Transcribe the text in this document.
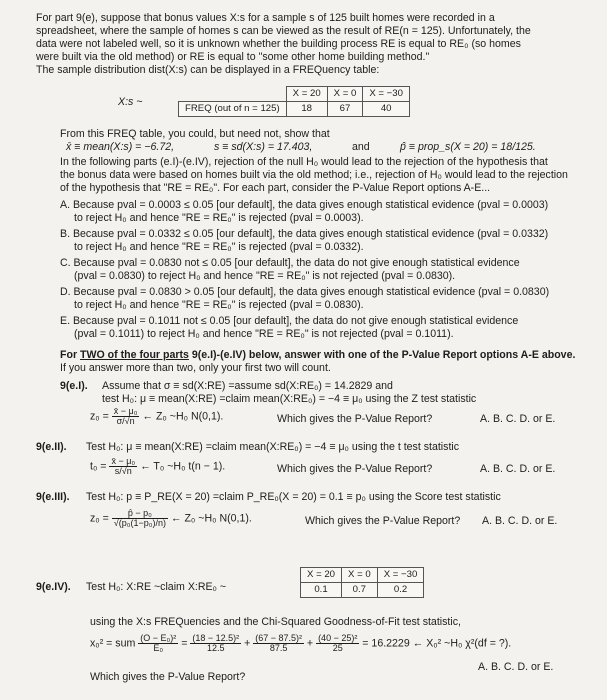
For part 9(e), suppose that bonus values X:s for a sample s of 125 built homes were recorded in a
spreadsheet, where the sample of homes s can be viewed as the result of RE(n = 125). Unfortunately, the
data were not labeled well, so it is unknown whether the building process RE is equal to RE₀ (so homes
were built via the old method) or RE is equal to "some other home building method."
The sample distribution dist(X:s) can be displayed in a FREQuency table:
X:s ~
	X = 20	X = 0	X = −30
FREQ (out of n = 125)	18	67	40
From this FREQ table, you could, but need not, show that
x̄ ≡ mean(X:s) = −6.72,	s ≡ sd(X:s) = 17.403,	and	p̂ ≡ prop_s(X = 20) = 18/125.
In the following parts (e.I)-(e.IV), rejection of the null H₀ would lead to the rejection of the hypothesis that
the bonus data were based on homes built via the old method; i.e., rejection of H₀ would lead to the rejection
of the hypothesis that "RE = RE₀". For each part, consider the P-Value Report options A-E...
A. Because pval = 0.0003 ≤ 0.05 [our default], the data gives enough statistical evidence (pval = 0.0003)
to reject H₀ and hence "RE = RE₀" is rejected (pval = 0.0003).
B. Because pval = 0.0332 ≤ 0.05 [our default], the data gives enough statistical evidence (pval = 0.0332)
to reject H₀ and hence "RE = RE₀" is rejected (pval = 0.0332).
C. Because pval = 0.0830 not ≤ 0.05 [our default], the data do not give enough statistical evidence
(pval = 0.0830) to reject H₀ and hence "RE = RE₀" is not rejected (pval = 0.0830).
D. Because pval = 0.0830 > 0.05 [our default], the data gives enough statistical evidence (pval = 0.0830)
to reject H₀ and hence "RE = RE₀" is rejected (pval = 0.0830).
E. Because pval = 0.1011 not ≤ 0.05 [our default], the data do not give enough statistical evidence
(pval = 0.1011) to reject H₀ and hence "RE = RE₀" is not rejected (pval = 0.1011).
For TWO of the four parts 9(e.I)-(e.IV) below, answer with one of the P-Value Report options A-E above.
If you answer more than two, only your first two will count.
9(e.I). Assume that σ ≡ sd(X:RE) =assume sd(X:RE₀) = 14.2829 and
test H₀: μ ≡ mean(X:RE) =claim mean(X:RE₀) = −4 ≡ μ₀ using the Z test statistic
$z_0 = \frac{\text{x̄ − μ₀}}{\sigma/√n}$ ← Z₀ ~H₀ N(0,1).	Which gives the P-Value Report?	A. B. C. D. or E.
9(e.II). Test H₀: μ ≡ mean(X:RE) =claim mean(X:RE₀) = −4 ≡ μ₀ using the t test statistic
$t_0 = \frac{\text{x̄ − μ₀}}{s/√n}$ ← T₀ ~H₀ t(n − 1).	Which gives the P-Value Report?	A. B. C. D. or E.
9(e.III). Test H₀: p ≡ P_RE(X = 20) =claim P_RE₀(X = 20) = 0.1 ≡ p₀ using the Score test statistic
$z_0 = \frac{\text{p̂ − p₀}}{\text{√(p₀(1−p₀)/n)}}$ ← Z₀ ~H₀ N(0,1).	Which gives the P-Value Report? A. B. C. D. or E.
9(e.IV). Test H₀: X:RE ~claim X:RE₀ ~
X = 20	X = 0	X = −30
0.1	0.7	0.2
using the X:s FREQuencies and the Chi-Squared Goodness-of-Fit test statistic,
x₀² = sum $\frac{\text{(O − E₀)²}}{\text{E₀}} = \frac{\text{(18 − 12.5)²}}{12.5} + \frac{\text{(67 − 87.5)²}}{87.5} + \frac{\text{(40 − 25)²}}{25} = 16.2229$ ← X₀² ~H₀ χ²(df = ?).
Which gives the P-Value Report?
A. B. C. D. or E.
